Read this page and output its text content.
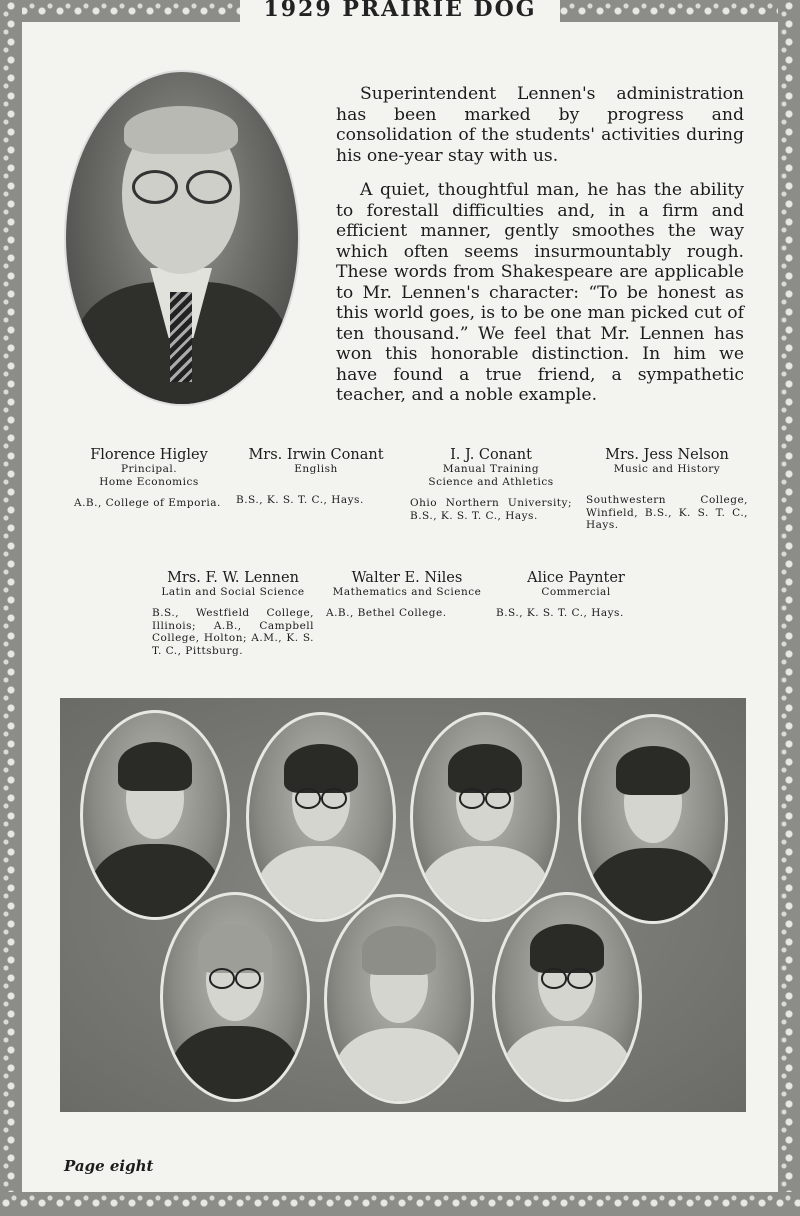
1929 PRAIRIE DOG

Superintendent Lennen's administration has been marked by progress and consolidation of the students' activities during his one-year stay with us.

A quiet, thoughtful man, he has the ability to forestall difficulties and, in a firm and efficient manner, gently smoothes the way which often seems insurmountably rough. These words from Shakespeare are applicable to Mr. Lennen's character: “To be honest as this world goes, is to be one man picked cut of ten thousand.” We feel that Mr. Lennen has won this honorable distinction. In him we have found a true friend, a sympathetic teacher, and a noble example.

Florence Higley
Principal.
Home Economics
A.B., College of Emporia.
Mrs. Irwin Conant
English
B.S., K. S. T. C., Hays.
I. J. Conant
Manual Training
Science and Athletics
Ohio Northern University; B.S., K. S. T. C., Hays.
Mrs. Jess Nelson
Music and History
Southwestern College, Winfield, B.S., K. S. T. C., Hays.
Mrs. F. W. Lennen
Latin and Social Science
B.S., Westfield College, Illinois; A.B., Campbell College, Holton; A.M., K. S. T. C., Pittsburg.
Walter E. Niles
Mathematics and Science
A.B., Bethel College.
Alice Paynter
Commercial
B.S., K. S. T. C., Hays.
Page eight
